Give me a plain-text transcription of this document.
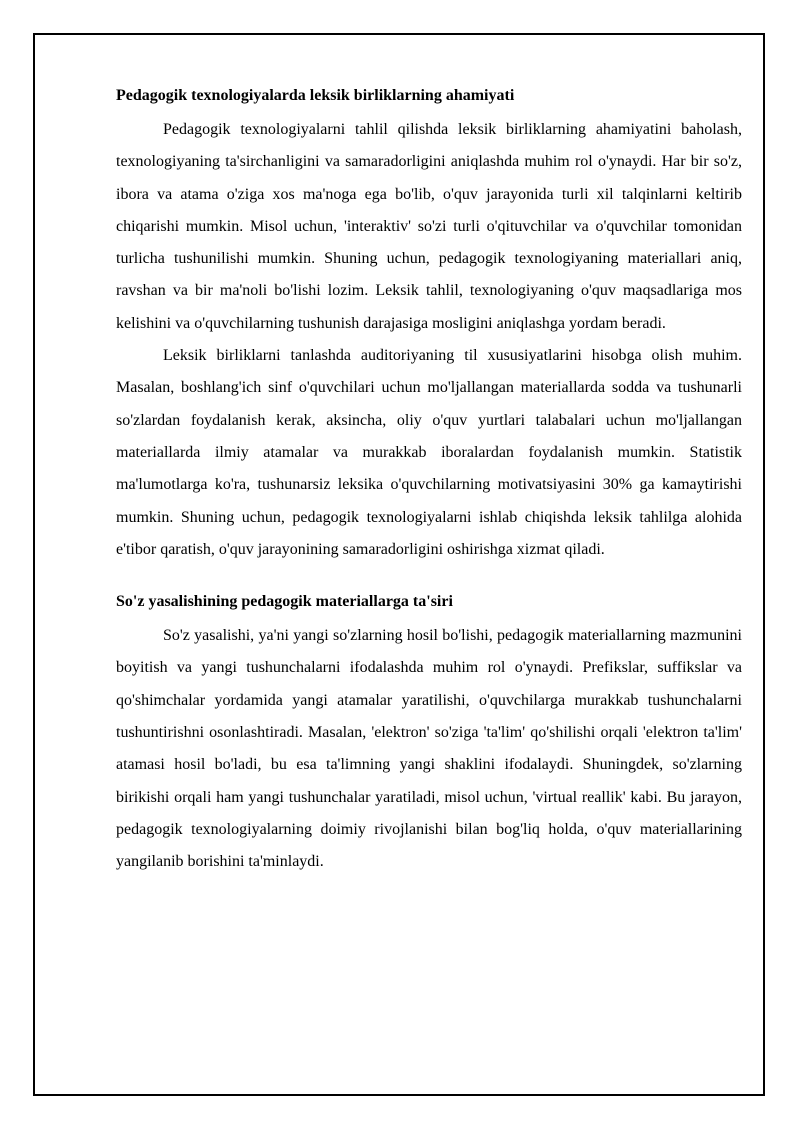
Pedagogik texnologiyalarda leksik birliklarning ahamiyati

Pedagogik texnologiyalarni tahlil qilishda leksik birliklarning ahamiyatini baholash, texnologiyaning ta'sirchanligini va samaradorligini aniqlashda muhim rol o'ynaydi. Har bir so'z, ibora va atama o'ziga xos ma'noga ega bo'lib, o'quv jarayonida turli xil talqinlarni keltirib chiqarishi mumkin. Misol uchun, 'interaktiv' so'zi turli o'qituvchilar va o'quvchilar tomonidan turlicha tushunilishi mumkin. Shuning uchun, pedagogik texnologiyaning materiallari aniq, ravshan va bir ma'noli bo'lishi lozim. Leksik tahlil, texnologiyaning o'quv maqsadlariga mos kelishini va o'quvchilarning tushunish darajasiga mosligini aniqlashga yordam beradi.

Leksik birliklarni tanlashda auditoriyaning til xususiyatlarini hisobga olish muhim. Masalan, boshlang'ich sinf o'quvchilari uchun mo'ljallangan materiallarda sodda va tushunarli so'zlardan foydalanish kerak, aksincha, oliy o'quv yurtlari talabalari uchun mo'ljallangan materiallarda ilmiy atamalar va murakkab iboralardan foydalanish mumkin. Statistik ma'lumotlarga ko'ra, tushunarsiz leksika o'quvchilarning motivatsiyasini 30% ga kamaytirishi mumkin. Shuning uchun, pedagogik texnologiyalarni ishlab chiqishda leksik tahlilga alohida e'tibor qaratish, o'quv jarayonining samaradorligini oshirishga xizmat qiladi.

So'z yasalishining pedagogik materiallarga ta'siri

So'z yasalishi, ya'ni yangi so'zlarning hosil bo'lishi, pedagogik materiallarning mazmunini boyitish va yangi tushunchalarni ifodalashda muhim rol o'ynaydi. Prefikslar, suffikslar va qo'shimchalar yordamida yangi atamalar yaratilishi, o'quvchilarga murakkab tushunchalarni tushuntirishni osonlashtiradi. Masalan, 'elektron' so'ziga 'ta'lim' qo'shilishi orqali 'elektron ta'lim' atamasi hosil bo'ladi, bu esa ta'limning yangi shaklini ifodalaydi. Shuningdek, so'zlarning birikishi orqali ham yangi tushunchalar yaratiladi, misol uchun, 'virtual reallik' kabi. Bu jarayon, pedagogik texnologiyalarning doimiy rivojlanishi bilan bog'liq holda, o'quv materiallarining yangilanib borishini ta'minlaydi.
